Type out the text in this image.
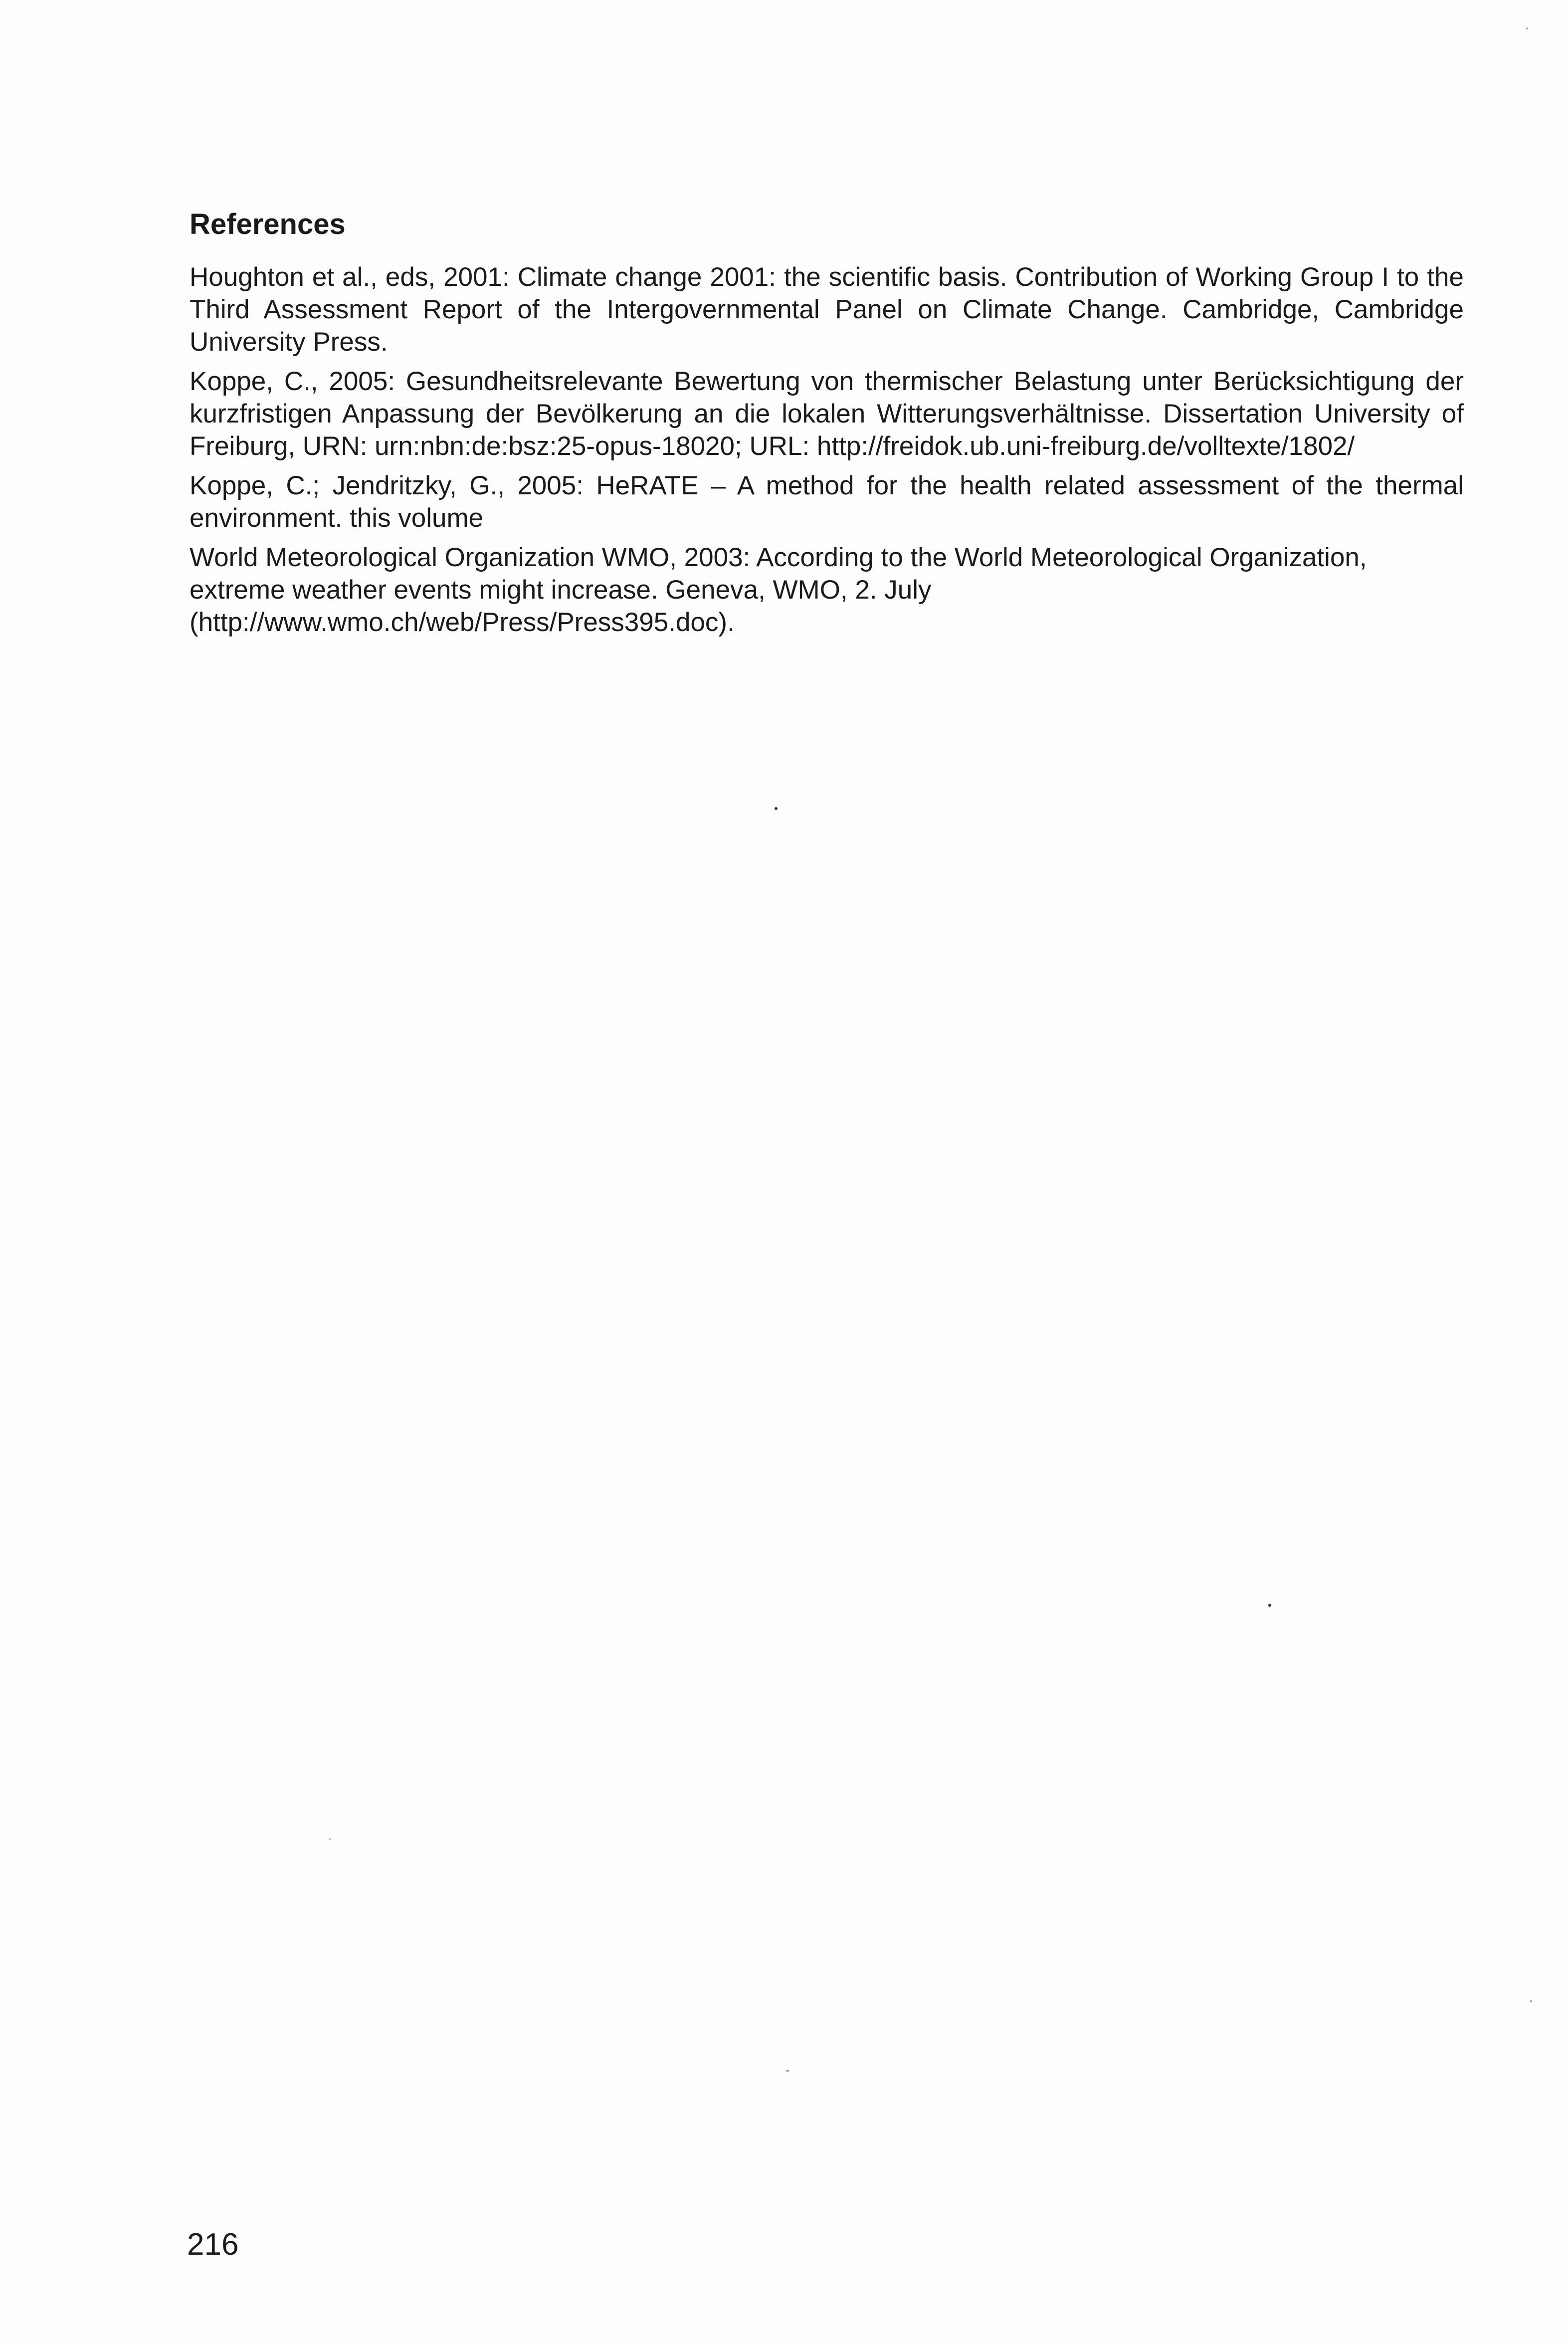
References
Houghton et al., eds, 2001: Climate change 2001: the scientific basis. Contribution of Working Group I to the Third Assessment Report of the Intergovernmental Panel on Climate Change. Cambridge, Cambridge University Press.
Koppe, C., 2005: Gesundheitsrelevante Bewertung von thermischer Belastung unter Berücksichtigung der kurzfristigen Anpassung der Bevölkerung an die lokalen Witterungsverhältnisse. Dissertation University of Freiburg, URN: urn:nbn:de:bsz:25-opus-18020; URL: http://freidok.ub.uni-freiburg.de/volltexte/1802/
Koppe, C.; Jendritzky, G., 2005: HeRATE – A method for the health related assessment of the thermal environment. this volume
World Meteorological Organization WMO, 2003: According to the World Meteorological Organization, extreme weather events might increase. Geneva, WMO, 2. July (http://www.wmo.ch/web/Press/Press395.doc).
216
